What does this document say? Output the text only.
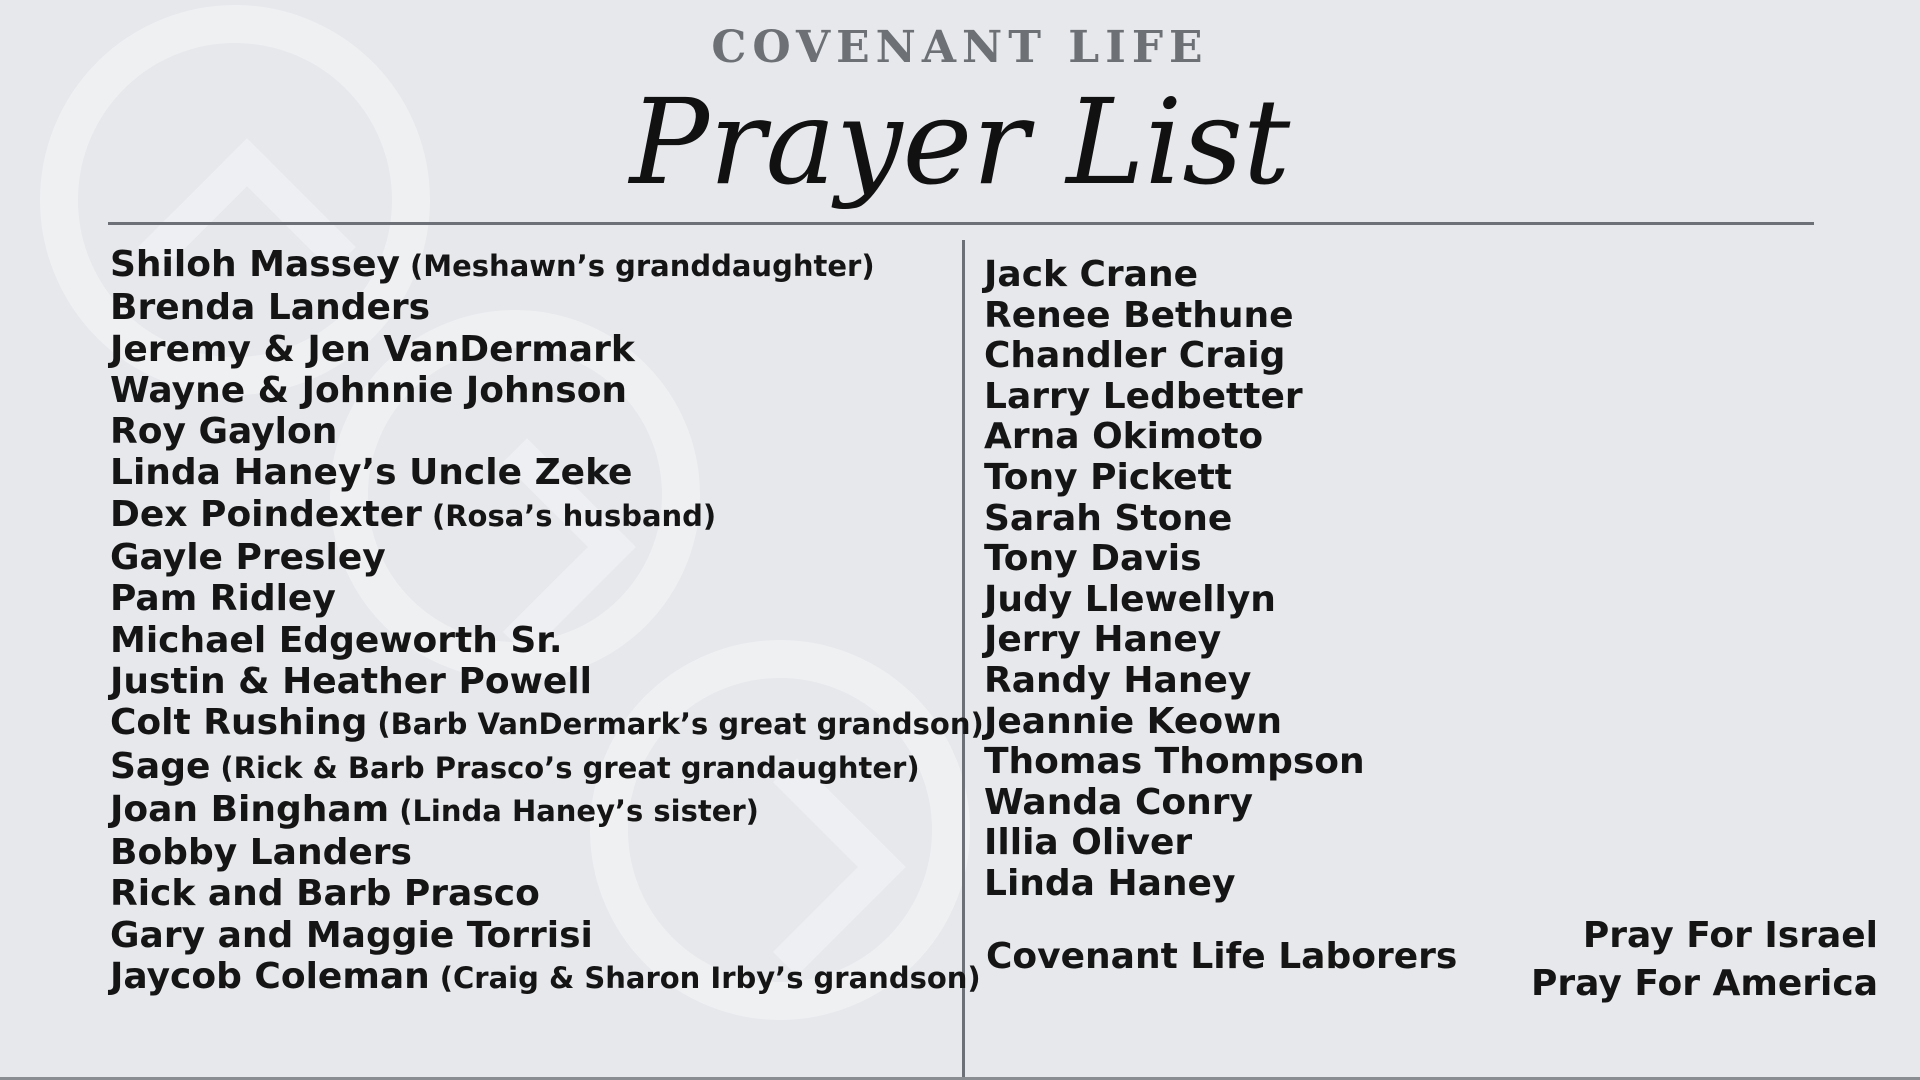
COVENANT LIFE
Prayer List
Shiloh Massey (Meshawn’s granddaughter)
Brenda Landers
Jeremy & Jen VanDermark
Wayne & Johnnie Johnson
Roy Gaylon
Linda Haney’s Uncle Zeke
Dex Poindexter (Rosa’s husband)
Gayle Presley
Pam Ridley
Michael Edgeworth Sr.
Justin & Heather Powell
Colt Rushing (Barb VanDermark’s great grandson)
Sage (Rick & Barb Prasco’s great grandaughter)
Joan Bingham (Linda Haney’s sister)
Bobby Landers
Rick and Barb Prasco
Gary and Maggie Torrisi
Jaycob Coleman (Craig & Sharon Irby’s grandson)
Jack Crane
Renee Bethune
Chandler Craig
Larry Ledbetter
Arna Okimoto
Tony Pickett
Sarah Stone
Tony Davis
Judy Llewellyn
Jerry Haney
Randy Haney
Jeannie Keown
Thomas Thompson
Wanda Conry
Illia Oliver
Linda Haney
Covenant Life Laborers
Pray For Israel
Pray For America
